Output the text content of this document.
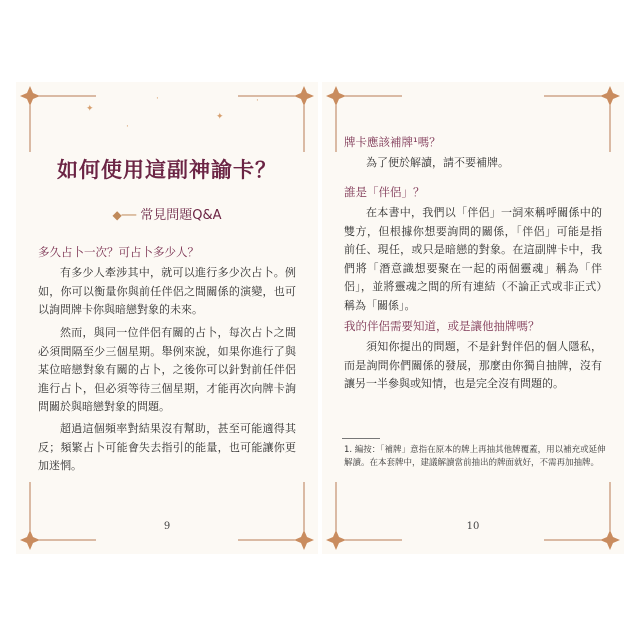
✦
·
✦
·
·
如何使用這副神諭卡？
◆── 常見問題Q&A
多久占卜一次？可占卜多少人？
有多少人牽涉其中，就可以進行多少次占卜。例如，你可以衡量你與前任伴侶之間關係的演變，也可以詢問牌卡你與暗戀對象的未來。
然而，與同一位伴侶有關的占卜，每次占卜之間必須間隔至少三個星期。舉例來說，如果你進行了與某位暗戀對象有關的占卜，之後你可以針對前任伴侶進行占卜，但必須等待三個星期，才能再次向牌卡詢問關於與暗戀對象的問題。
超過這個頻率對結果沒有幫助，甚至可能適得其反；頻繁占卜可能會失去指引的能量，也可能讓你更加迷惘。
9
牌卡應該補牌¹嗎？
為了便於解讀，請不要補牌。
誰是「伴侶」？
在本書中，我們以「伴侶」一詞來稱呼關係中的雙方，但根據你想要詢問的關係，「伴侶」可能是指前任、現任，或只是暗戀的對象。在這副牌卡中，我們將「潛意識想要聚在一起的兩個靈魂」稱為「伴侶」，並將靈魂之間的所有連結（不論正式或非正式）稱為「關係」。
我的伴侶需要知道，或是讓他抽牌嗎？
須知你提出的問題，不是針對伴侶的個人隱私，而是詢問你們關係的發展，那麼由你獨自抽牌，沒有讓另一半參與或知情，也是完全沒有問題的。
1. 編按：「補牌」意指在原本的牌上再抽其他牌覆蓋，用以補充或延伸解讀。在本套牌中，建議解讀當前抽出的牌面就好，不需再加抽牌。
10
